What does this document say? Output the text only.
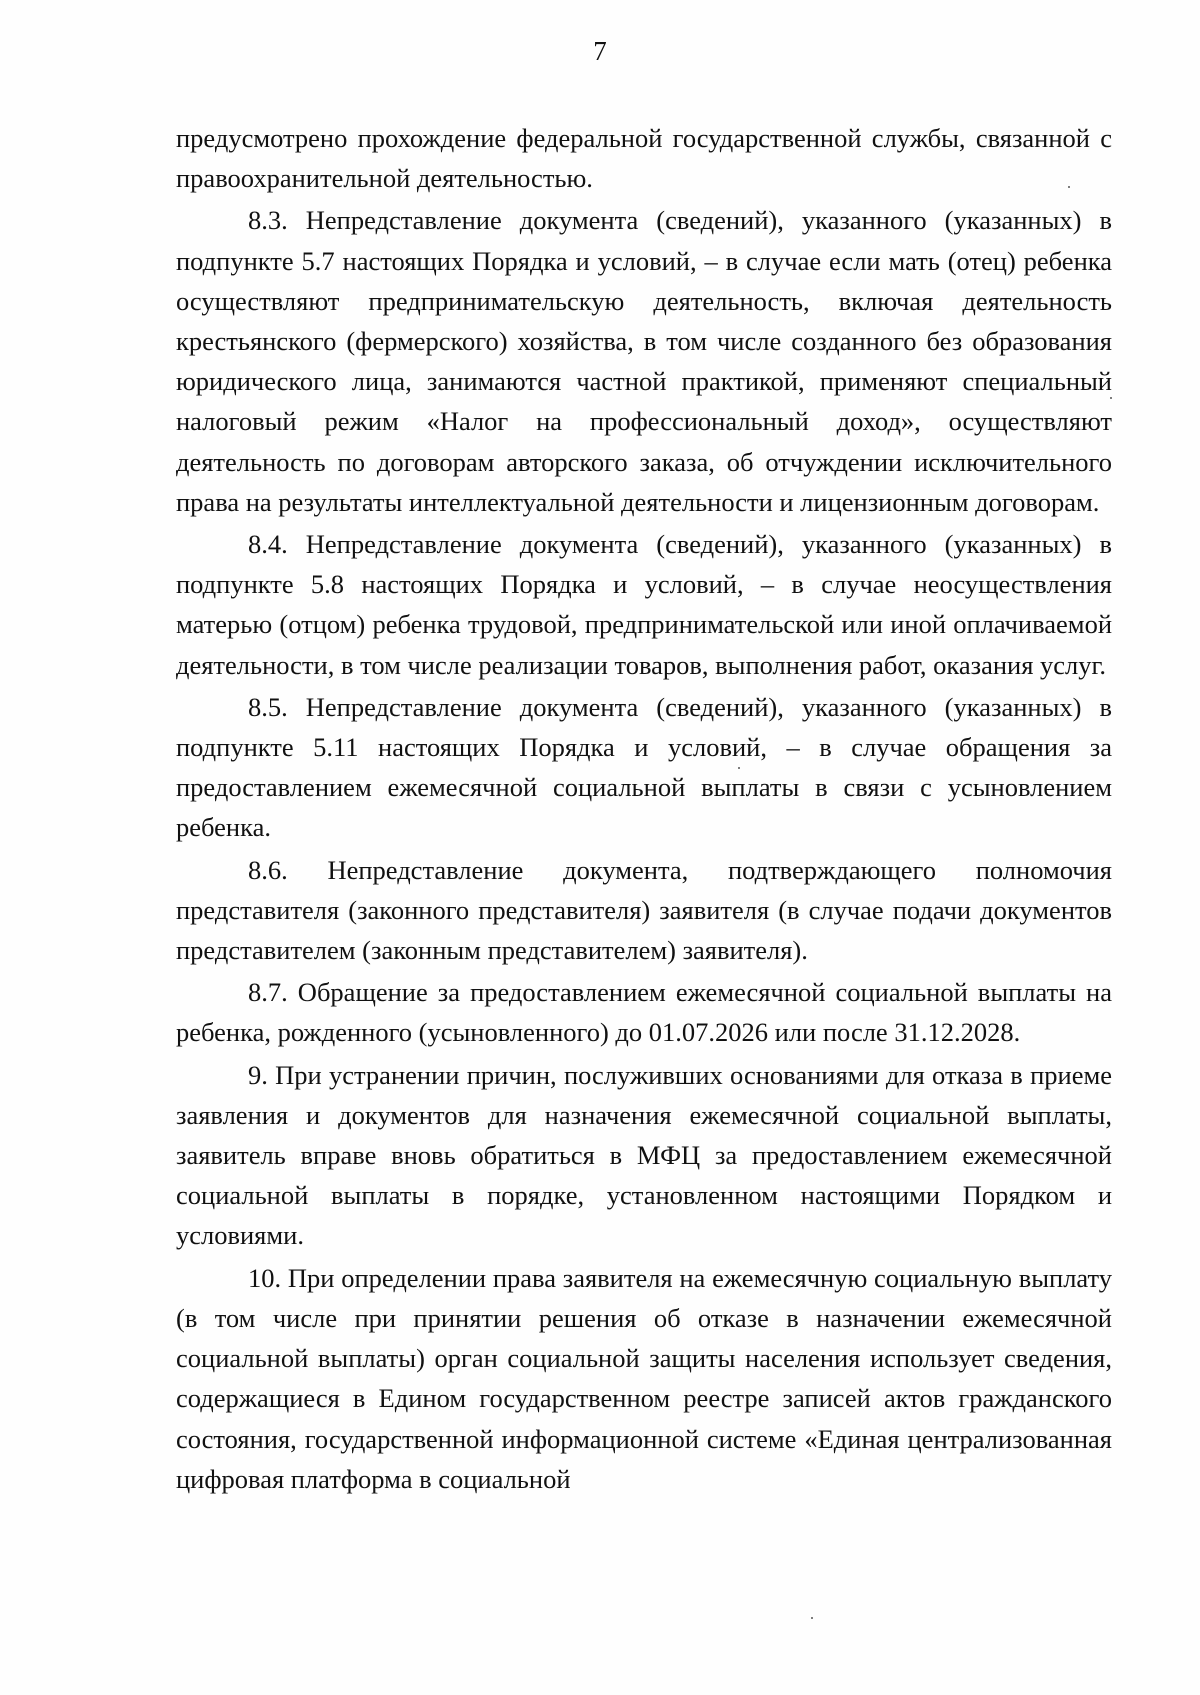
7

предусмотрено прохождение федеральной государственной службы, связанной с правоохранительной деятельностью.

8.3. Непредставление документа (сведений), указанного (указанных) в подпункте 5.7 настоящих Порядка и условий, – в случае если мать (отец) ребенка осуществляют предпринимательскую деятельность, включая деятельность крестьянского (фермерского) хозяйства, в том числе созданного без образования юридического лица, занимаются частной практикой, применяют специальный налоговый режим «Налог на профессиональный доход», осуществляют деятельность по договорам авторского заказа, об отчуждении исключительного права на результаты интеллектуальной деятельности и лицензионным договорам.

8.4. Непредставление документа (сведений), указанного (указанных) в подпункте 5.8 настоящих Порядка и условий, – в случае неосуществления матерью (отцом) ребенка трудовой, предпринимательской или иной оплачиваемой деятельности, в том числе реализации товаров, выполнения работ, оказания услуг.

8.5. Непредставление документа (сведений), указанного (указанных) в подпункте 5.11 настоящих Порядка и условий, – в случае обращения за предоставлением ежемесячной социальной выплаты в связи с усыновлением ребенка.

8.6. Непредставление документа, подтверждающего полномочия представителя (законного представителя) заявителя (в случае подачи документов представителем (законным представителем) заявителя).

8.7. Обращение за предоставлением ежемесячной социальной выплаты на ребенка, рожденного (усыновленного) до 01.07.2026 или после 31.12.2028.

9. При устранении причин, послуживших основаниями для отказа в приеме заявления и документов для назначения ежемесячной социальной выплаты, заявитель вправе вновь обратиться в МФЦ за предоставлением ежемесячной социальной выплаты в порядке, установленном настоящими Порядком и условиями.

10. При определении права заявителя на ежемесячную социальную выплату (в том числе при принятии решения об отказе в назначении ежемесячной социальной выплаты) орган социальной защиты населения использует сведения, содержащиеся в Едином государственном реестре записей актов гражданского состояния, государственной информационной системе «Единая централизованная цифровая платформа в социальной
